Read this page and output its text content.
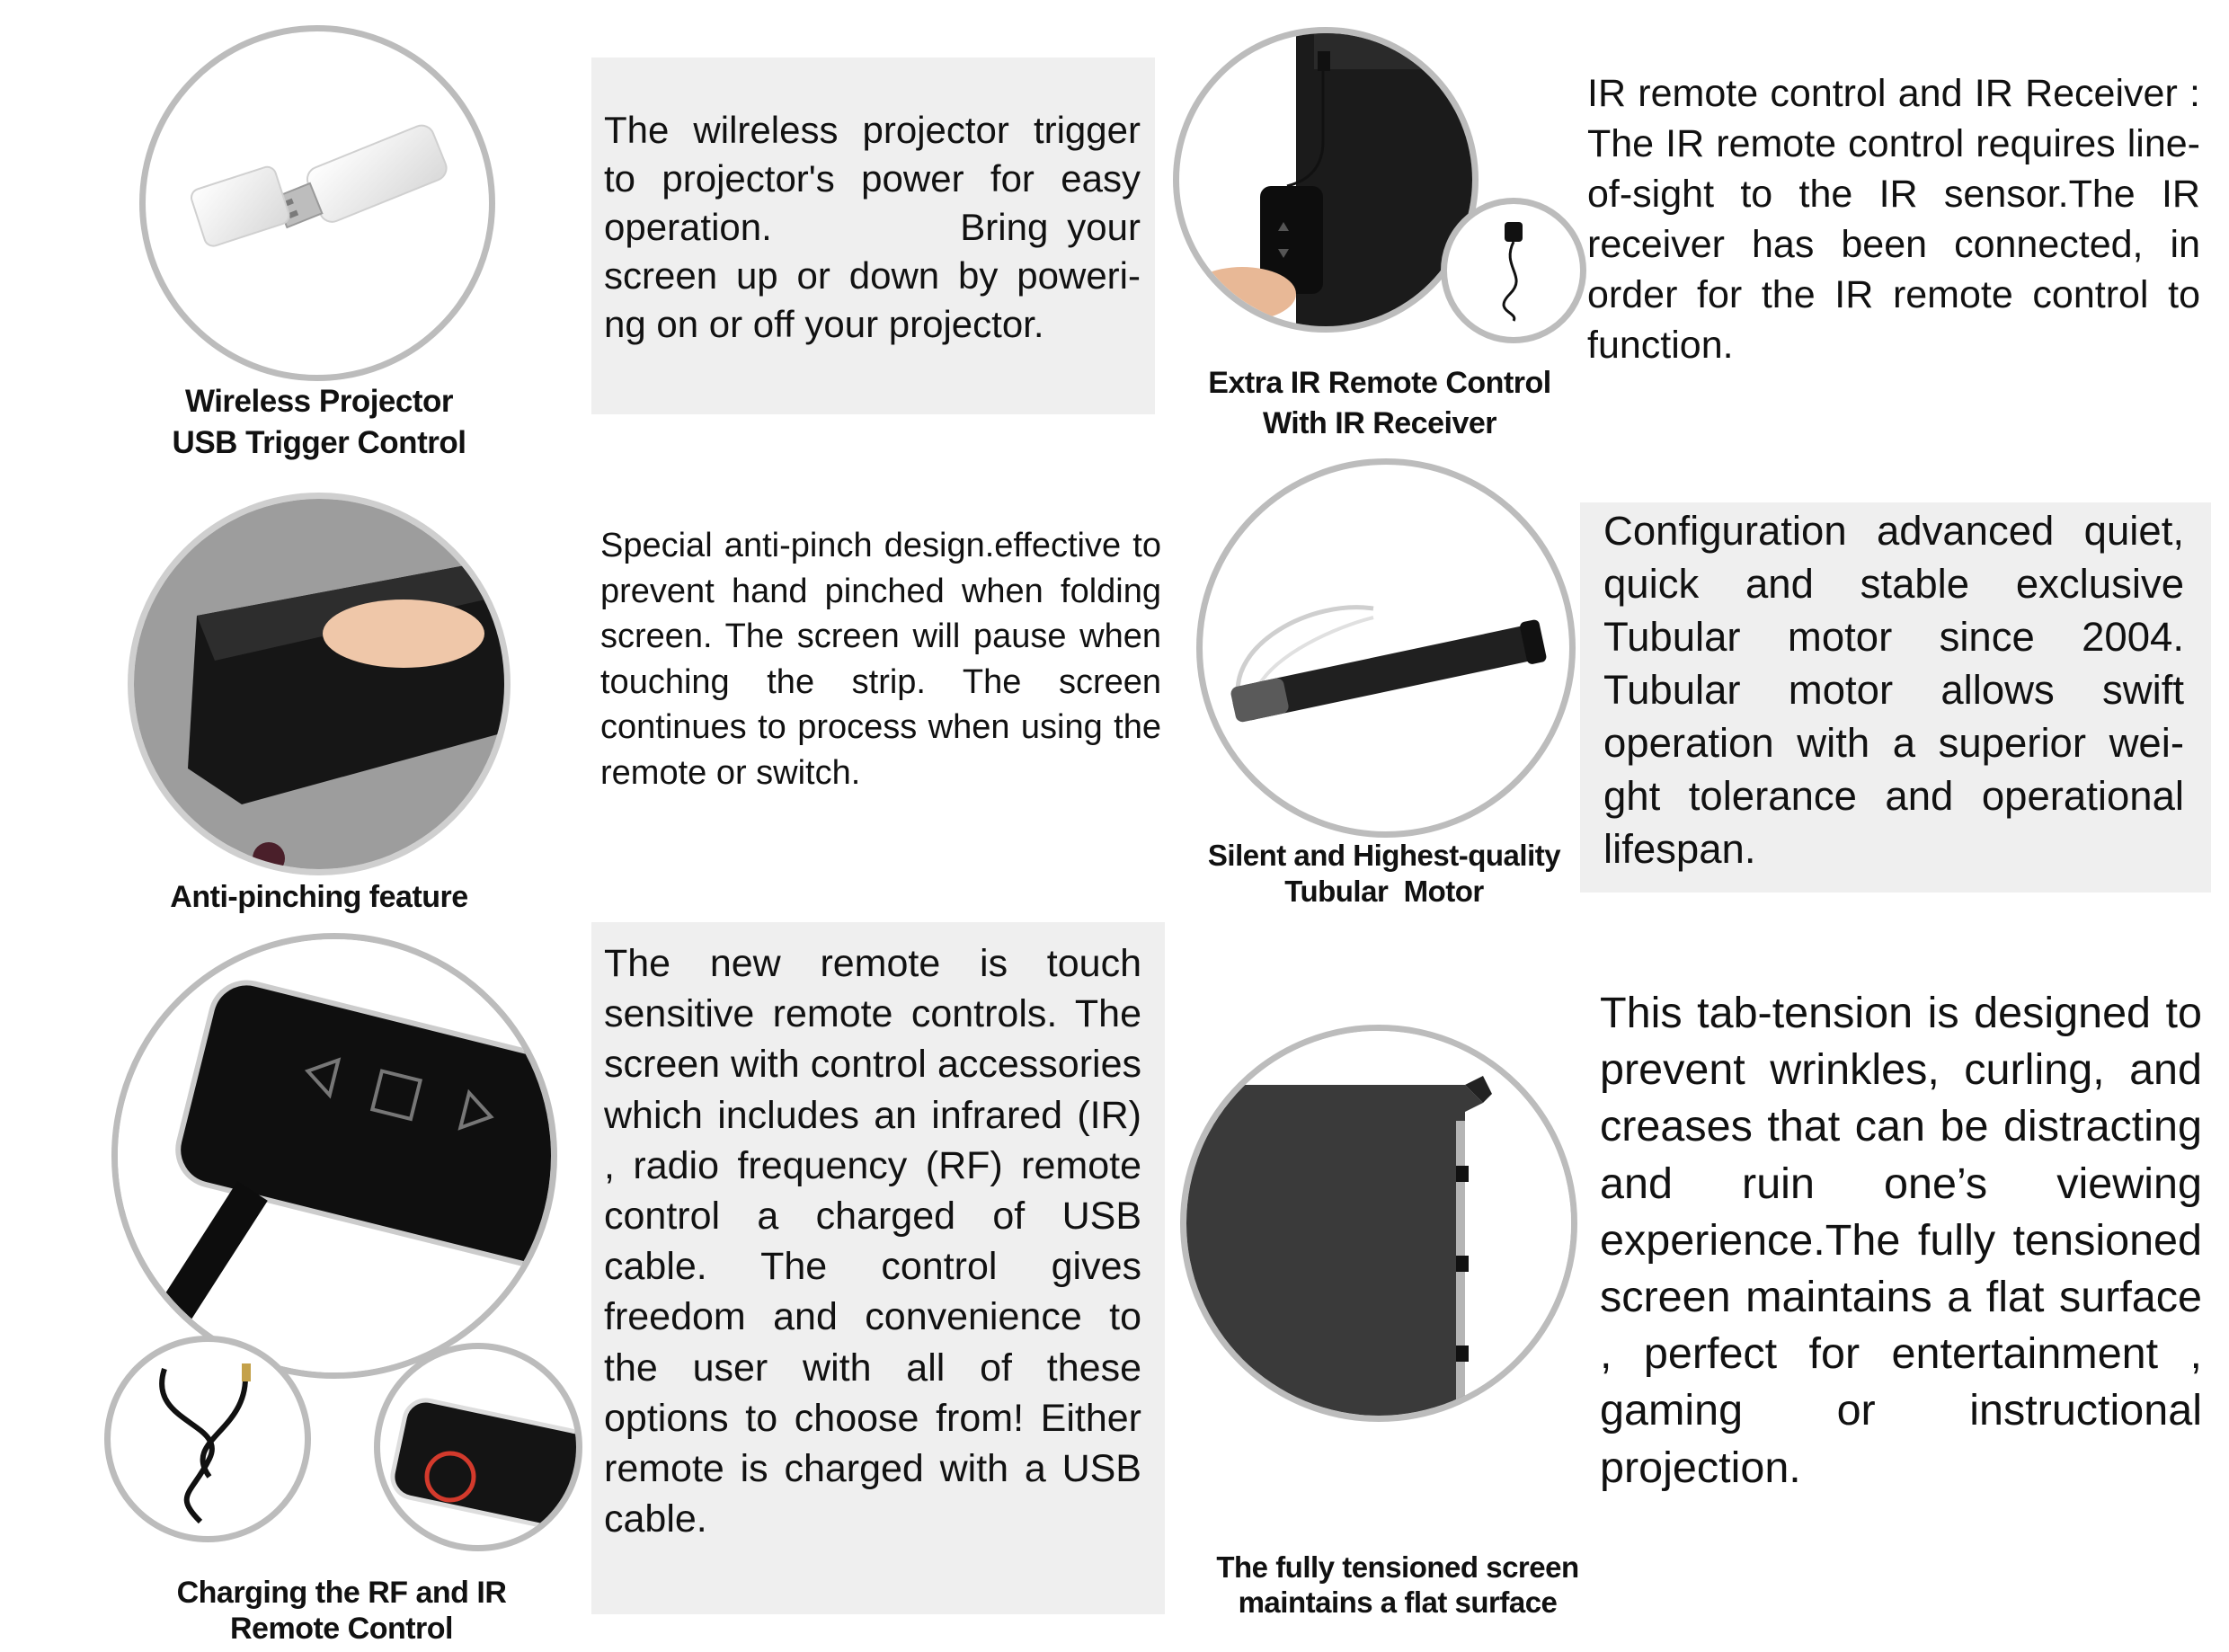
Wireless Projector
USB Trigger Control
The wilreless projector trigger to projector's power for easy operation.          Bring your screen up or down by poweri-ng on or off your projector.
Extra IR Remote Control
With IR Receiver
IR remote control and IR Receiver : The IR remote control requires line-of-sight to the IR sensor.The IR receiver has been connected, in order for the IR remote control to function.
Anti-pinching feature
Special anti-pinch design.effective to prevent hand pinched when folding screen. The screen will pause when touching the strip. The screen continues to process when using the remote or switch.
Silent and Highest-quality
Tubular  Motor
Configuration advanced quiet, quick and stable exclusive Tubular motor since 2004. Tubular motor allows swift operation with a superior wei-ght tolerance and operational lifespan.
Charging the RF and IR
Remote Control
The new remote is touch sensitive remote controls. The screen with control accessories which includes an infrared (IR) , radio frequency (RF) remote control a charged of USB cable. The control gives freedom and convenience to the user with all of these options to choose from! Either remote is charged with a USB cable.
The fully tensioned screen
maintains a flat surface
This tab-tension is designed to prevent wrinkles, curling, and creases that can be distracting and ruin one’s viewing experience.The fully tensioned screen maintains a flat surface , perfect for entertainment , gaming or instructional projection.
